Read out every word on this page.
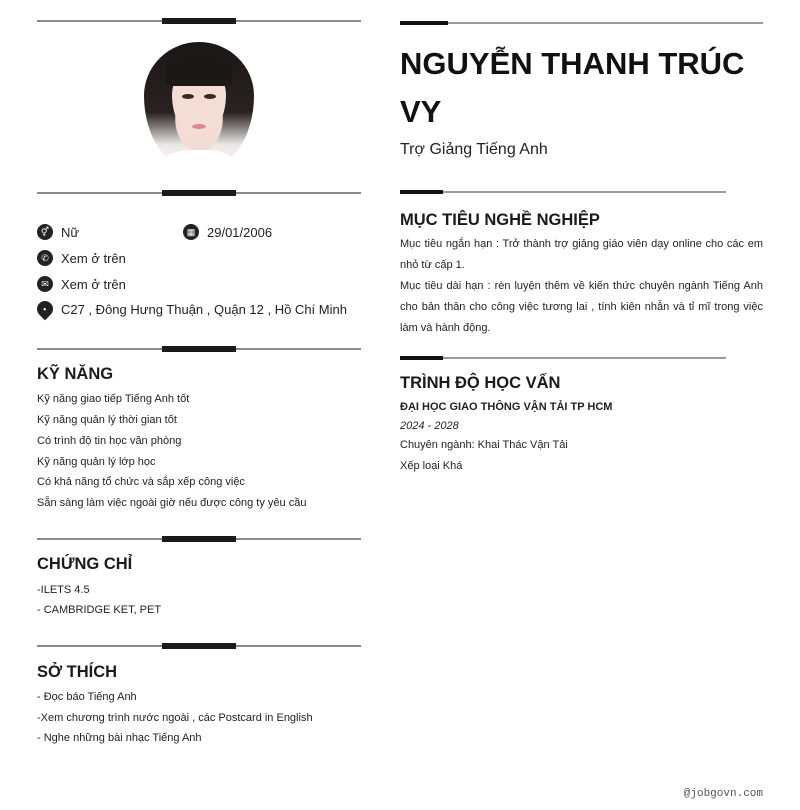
⚥ Nữ	▦ 29/01/2006
✆ Xem ở trên
✉ Xem ở trên
• C27 , Đông Hưng Thuận , Quận 12 , Hồ Chí Minh
KỸ NĂNG
Kỹ năng giao tiếp Tiếng Anh tốt
Kỹ năng quản lý thời gian tốt
Có trình độ tin học văn phòng
Kỹ năng quản lý lớp học
Có khả năng tổ chức và sắp xếp công việc
Sẵn sàng làm việc ngoài giờ nếu được công ty yêu cầu
CHỨNG CHỈ
-ILETS 4.5
- CAMBRIDGE KET, PET
SỞ THÍCH
- Đọc báo Tiếng Anh
-Xem chương trình nước ngoài , các Postcard in English
- Nghe những bài nhạc Tiếng Anh
NGUYỄN THANH TRÚC VY
Trợ Giảng Tiếng Anh
MỤC TIÊU NGHỀ NGHIỆP
Mục tiêu ngắn hạn : Trở thành trợ giảng giáo viên dạy online cho các em nhỏ từ cấp 1.
Mục tiêu dài hạn : rèn luyện thêm về kiến thức chuyên ngành Tiếng Anh cho bản thân cho công việc tương lai , tính kiên nhẫn và tỉ mĩ trong việc làm và hành động.
TRÌNH ĐỘ HỌC VẤN
ĐẠI HỌC GIAO THÔNG VẬN TẢI TP HCM
2024 - 2028
Chuyên ngành: Khai Thác Vận Tải
Xếp loại Khá
@jobgovn.com
